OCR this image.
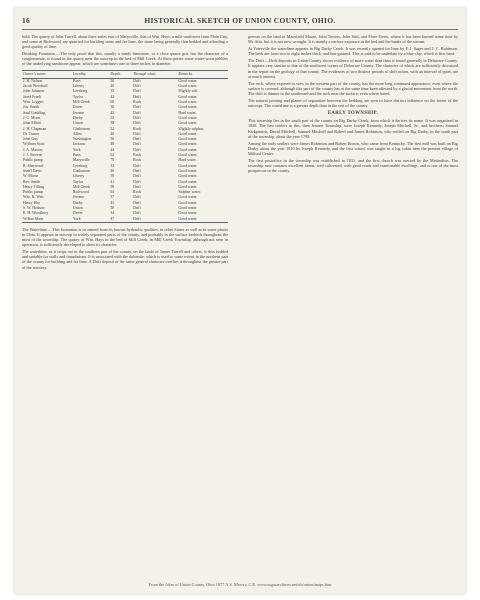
16	HISTORICAL SKETCH OF UNION COUNTY, OHIO.

hold. The quarry of John Turrell, about three miles east of Marysville, that of Wm. Hays, a mile southwest from Plain City, and some at Richwood, are quarried for building stone and for lime, the stone being generally thin bedded and affording a good quality of lime.

Drinking Fountains.—The only proof that this, usually a sandy limestone, or a close quartz grit, has the character of a conglomerate, is found in the quarry near the outcrop in the bed of Mill Creek. At these points some water-worn pebbles of the underlying sandstone appear, which are sometimes one or three inches in diameter.

Owner's name.	Locality.	Depth.	Through what.	Remarks.
J. H. Nelson	Paris	50	Drift	Good water.
Jacob Woodruff	Liberty	40	Drift	Good water.
John Johnson	Leesburg	35	Drift	Slightly salt.
Jared Frank	Taylor	42	Drift	Good water.
Wm. Leggett	Mill Creek	60	Rock	Good water.
Jos. Smith	Dover	30	Drift	Good water.
Saul Conkling	Jerome	45	Drift	Hard water.
J. C. Moon	Darby	55	Drift	Good water.
John Elliott	Union	38	Drift	Good water.
J. H. Chapman	Claibourne	52	Rock	Slightly sulphur.
Dr. Turner	Allen	40	Drift	Good water.
John Guy	Washington	36	Drift	Good water.
William Scott	Jackson	48	Drift	Good water.
J. A. Marion	York	44	Drift	Good water.
J. J. Stevens	Paris	62	Rock	Good water.
Public pump	Marysville	70	Rock	Hard water.
R. Sherwood	Leesburg	33	Drift	Good water.
Sam'l Davis	Claibourne	46	Drift	Good water.
W. Morse	Liberty	39	Drift	Good water.
Rev. Smith	Taylor	41	Drift	Good water.
Henry Tilling	Mill Creek	58	Drift	Good water.
Public pump	Richwood	64	Rock	Sulphur water.
Wm. K. Weir	Jerome	37	Drift	Good water.
Henry Hitt	Darby	43	Drift	Good water.
S. W. Hodson	Union	50	Drift	Good water.
E. H. Woodbury	Dover	34	Drift	Good water.
Wilbur Main	York	47	Drift	Good water.

The Waterlime.—This formation is so named from its known hydraulic qualities, in other States as well as in some places in Ohio. It appears in outcrop in widely separated parts of the county, and probably in the surface bedrock throughout the most of the township. The quarry of Wm. Hays in the bed of Mill Creek, in Mill Creek Township, although not seen in operation, is sufficiently developed to show its character.

The waterlime, as it crops out in the southern part of the county, on the lands of James Turrell and others, is thin bedded and suitable for walls and foundations. It is associated with the dolomite, which is used to some extent in the northern part of the county for building and for lime. A Drift deposit of the same general character overlies it throughout the greater part of the territory.

gresses on the land of Mansfield Moore, John Towers, John Stitt, and Peter Ferris, where it has been burned some time by Mr. Stitt, but it is not now wrought. It is mainly a surface exposure in the bed and the banks of the stream.

At Yatesville the waterlime appears in Big Darby Creek. It was recently opened for lime by F. J. Sager and J. C. Robinson. The beds are from two to eight inches thick, and fine grained. This is said to be underlain by a blue clay, which is first hard.

The Drift.—Drift deposits in Union County shows evidence of more water than than is found generally in Delaware County. It appears very similar to that of the northwest corner of Delaware County. The character of which are sufficiently discussed in the report on the geology of that county. The evidences of two distinct periods of drift action, with an interval of quiet, are of much interest.

The rock, where exposed to view in the western part of the county, has the more long continued appearance, even where the surface is covered, although this part of the county has at the same time been affected by a glacial movement from the north. The drift is thinner to the southward and the rock near the surface, even where bared.

The natural jointing and planes of separation between the bedding are seen to have distinct influence on the forms of the outcrops. The waterlime is a greater depth than in the rest of the county.

EARLY TOWNSHIP.

This township lies in the south part of the county on Big Darby Creek, from which it derives its name. It was organized in 1828. The first settlers in this, then Jerome Township, were Joseph Kennedy, Joseph Mitchell, Sr., and brothers; Samuel Kirkpatrick, David Mitchell, Samuel Mitchell and Robert and James Robinson, who settled on Big Darby, in the south part of the township, about the year 1798.

Among the early settlers were James Robinson and Robert Brown, who came from Kentucky. The first mill was built on Big Darby about the year 1810 by Joseph Kennedy, and the first school was taught in a log cabin near the present village of Milford Center.

The first postoffice in the township was established in 1831, and the first church was erected by the Methodists. The township now contains excellent farms, well cultivated, with good roads and comfortable dwellings, and is one of the most prosperous in the county.

From the Atlas of Union County, Ohio 1877 A.S. Mowry, C.E. www.usgwarchives.net/oh/union/maps.htm
